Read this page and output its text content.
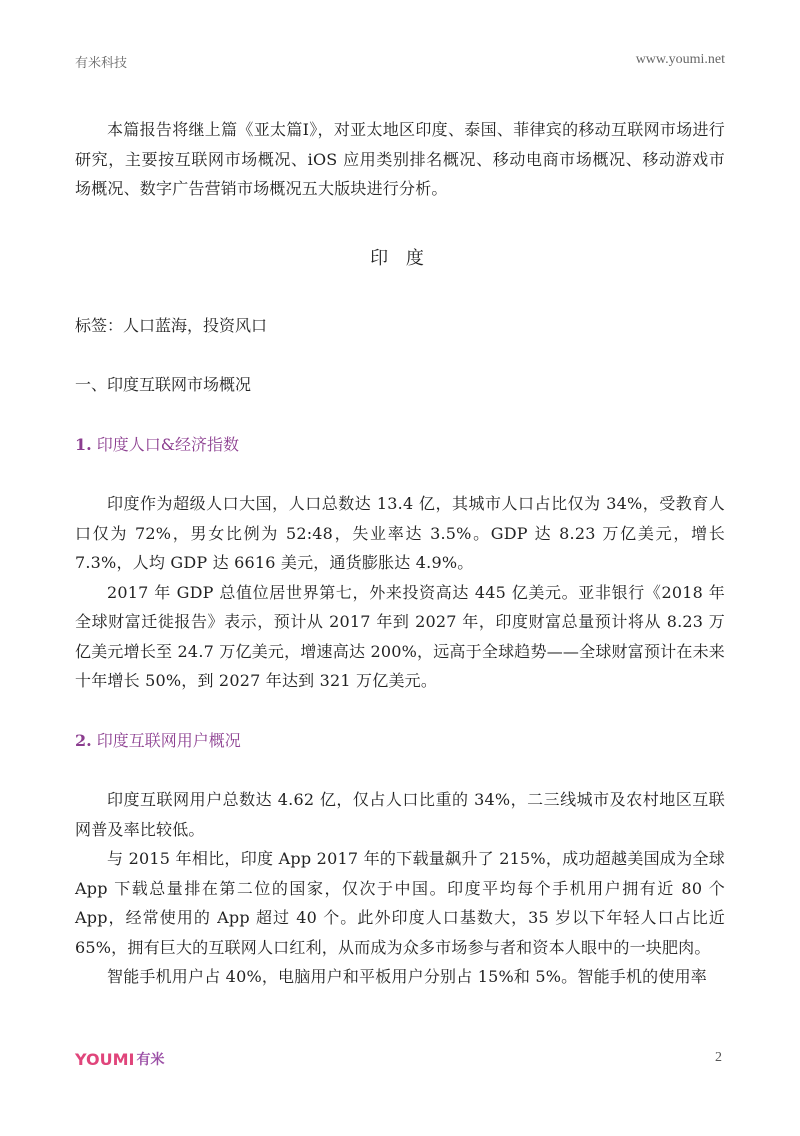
有米科技	www.youmi.net

本篇报告将继上篇《亚太篇Ⅰ》，对亚太地区印度、泰国、菲律宾的移动互联网市场进行研究，主要按互联网市场概况、iOS 应用类别排名概况、移动电商市场概况、移动游戏市场概况、数字广告营销市场概况五大版块进行分析。

印 度

标签：人口蓝海，投资风口

一、印度互联网市场概况

1. 印度人口&经济指数

印度作为超级人口大国，人口总数达 13.4 亿，其城市人口占比仅为 34%，受教育人口仅为 72%，男女比例为 52:48，失业率达 3.5%。GDP 达 8.23 万亿美元，增长 7.3%，人均 GDP 达 6616 美元，通货膨胀达 4.9%。

2017 年 GDP 总值位居世界第七，外来投资高达 445 亿美元。亚非银行《2018 年全球财富迁徙报告》表示，预计从 2017 年到 2027 年，印度财富总量预计将从 8.23 万亿美元增长至 24.7 万亿美元，增速高达 200%，远高于全球趋势——全球财富预计在未来十年增长 50%，到 2027 年达到 321 万亿美元。

2. 印度互联网用户概况

印度互联网用户总数达 4.62 亿，仅占人口比重的 34%，二三线城市及农村地区互联网普及率比较低。

与 2015 年相比，印度 App 2017 年的下载量飙升了 215%，成功超越美国成为全球 App 下载总量排在第二位的国家，仅次于中国。印度平均每个手机用户拥有近 80 个 App，经常使用的 App 超过 40 个。此外印度人口基数大，35 岁以下年轻人口占比近 65%，拥有巨大的互联网人口红利，从而成为众多市场参与者和资本人眼中的一块肥肉。

智能手机用户占 40%，电脑用户和平板用户分别占 15%和 5%。智能手机的使用率

YO U MI 有米	2
